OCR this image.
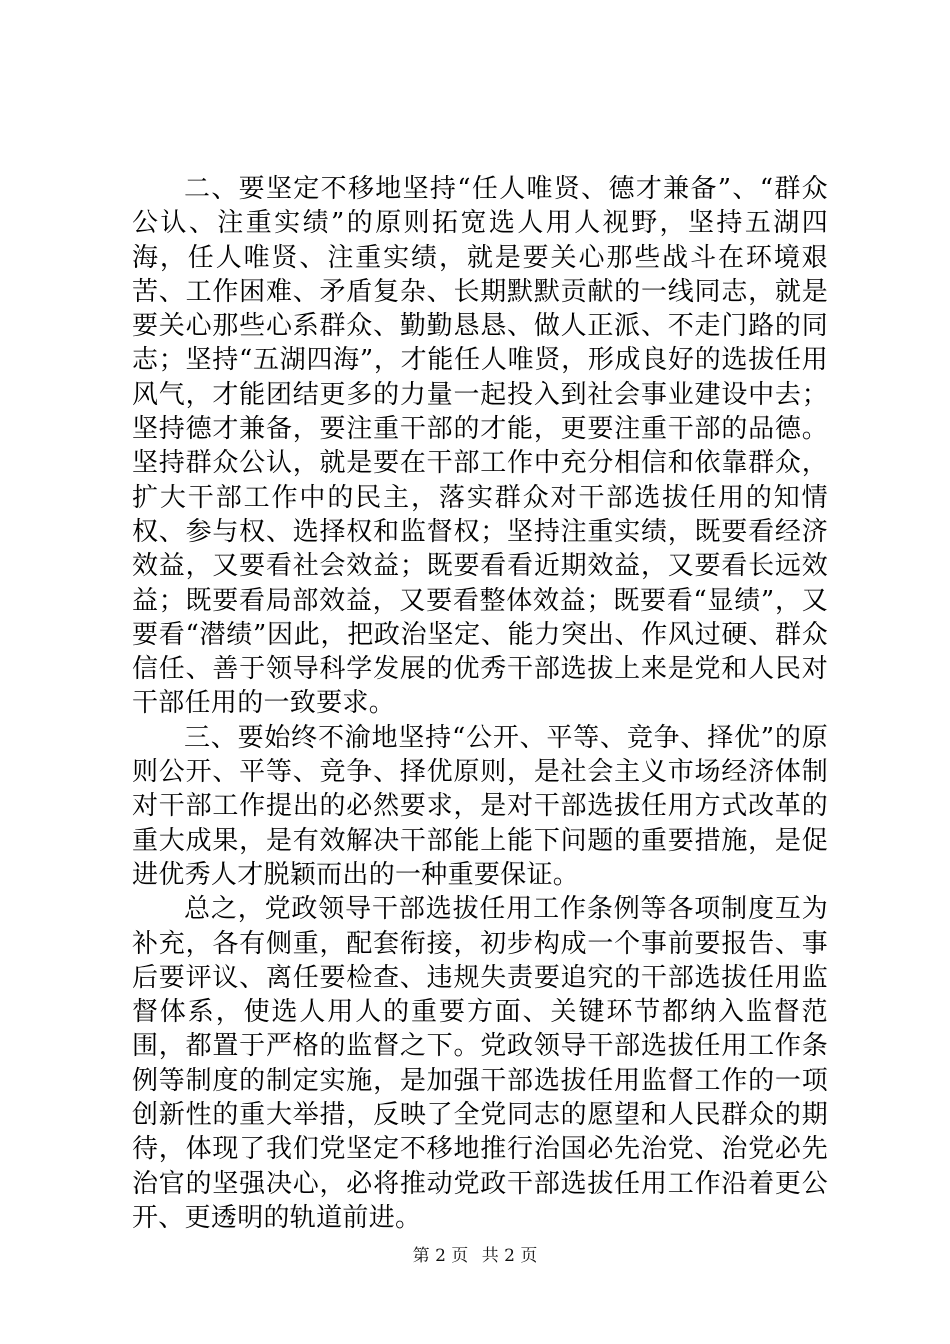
二、要坚定不移地坚持“任人唯贤、德才兼备”、“群众公认、注重实绩”的原则拓宽选人用人视野，坚持五湖四海，任人唯贤、注重实绩，就是要关心那些战斗在环境艰苦、工作困难、矛盾复杂、长期默默贡献的一线同志，就是要关心那些心系群众、勤勤恳恳、做人正派、不走门路的同志；坚持“五湖四海”，才能任人唯贤，形成良好的选拔任用风气，才能团结更多的力量一起投入到社会事业建设中去；坚持德才兼备，要注重干部的才能，更要注重干部的品德。坚持群众公认，就是要在干部工作中充分相信和依靠群众，扩大干部工作中的民主，落实群众对干部选拔任用的知情权、参与权、选择权和监督权；坚持注重实绩，既要看经济效益，又要看社会效益；既要看看近期效益，又要看长远效益；既要看局部效益，又要看整体效益；既要看“显绩”，又要看“潜绩”因此，把政治坚定、能力突出、作风过硬、群众信任、善于领导科学发展的优秀干部选拔上来是党和人民对干部任用的一致要求。

三、要始终不渝地坚持“公开、平等、竞争、择优”的原则公开、平等、竞争、择优原则，是社会主义市场经济体制对干部工作提出的必然要求，是对干部选拔任用方式改革的重大成果，是有效解决干部能上能下问题的重要措施，是促进优秀人才脱颖而出的一种重要保证。

总之，党政领导干部选拔任用工作条例等各项制度互为补充，各有侧重，配套衔接，初步构成一个事前要报告、事后要评议、离任要检查、违规失责要追究的干部选拔任用监督体系，使选人用人的重要方面、关键环节都纳入监督范围，都置于严格的监督之下。党政领导干部选拔任用工作条例等制度的制定实施，是加强干部选拔任用监督工作的一项创新性的重大举措，反映了全党同志的愿望和人民群众的期待，体现了我们党坚定不移地推行治国必先治党、治党必先治官的坚强决心，必将推动党政干部选拔任用工作沿着更公开、更透明的轨道前进。

第 2 页 共 2 页
